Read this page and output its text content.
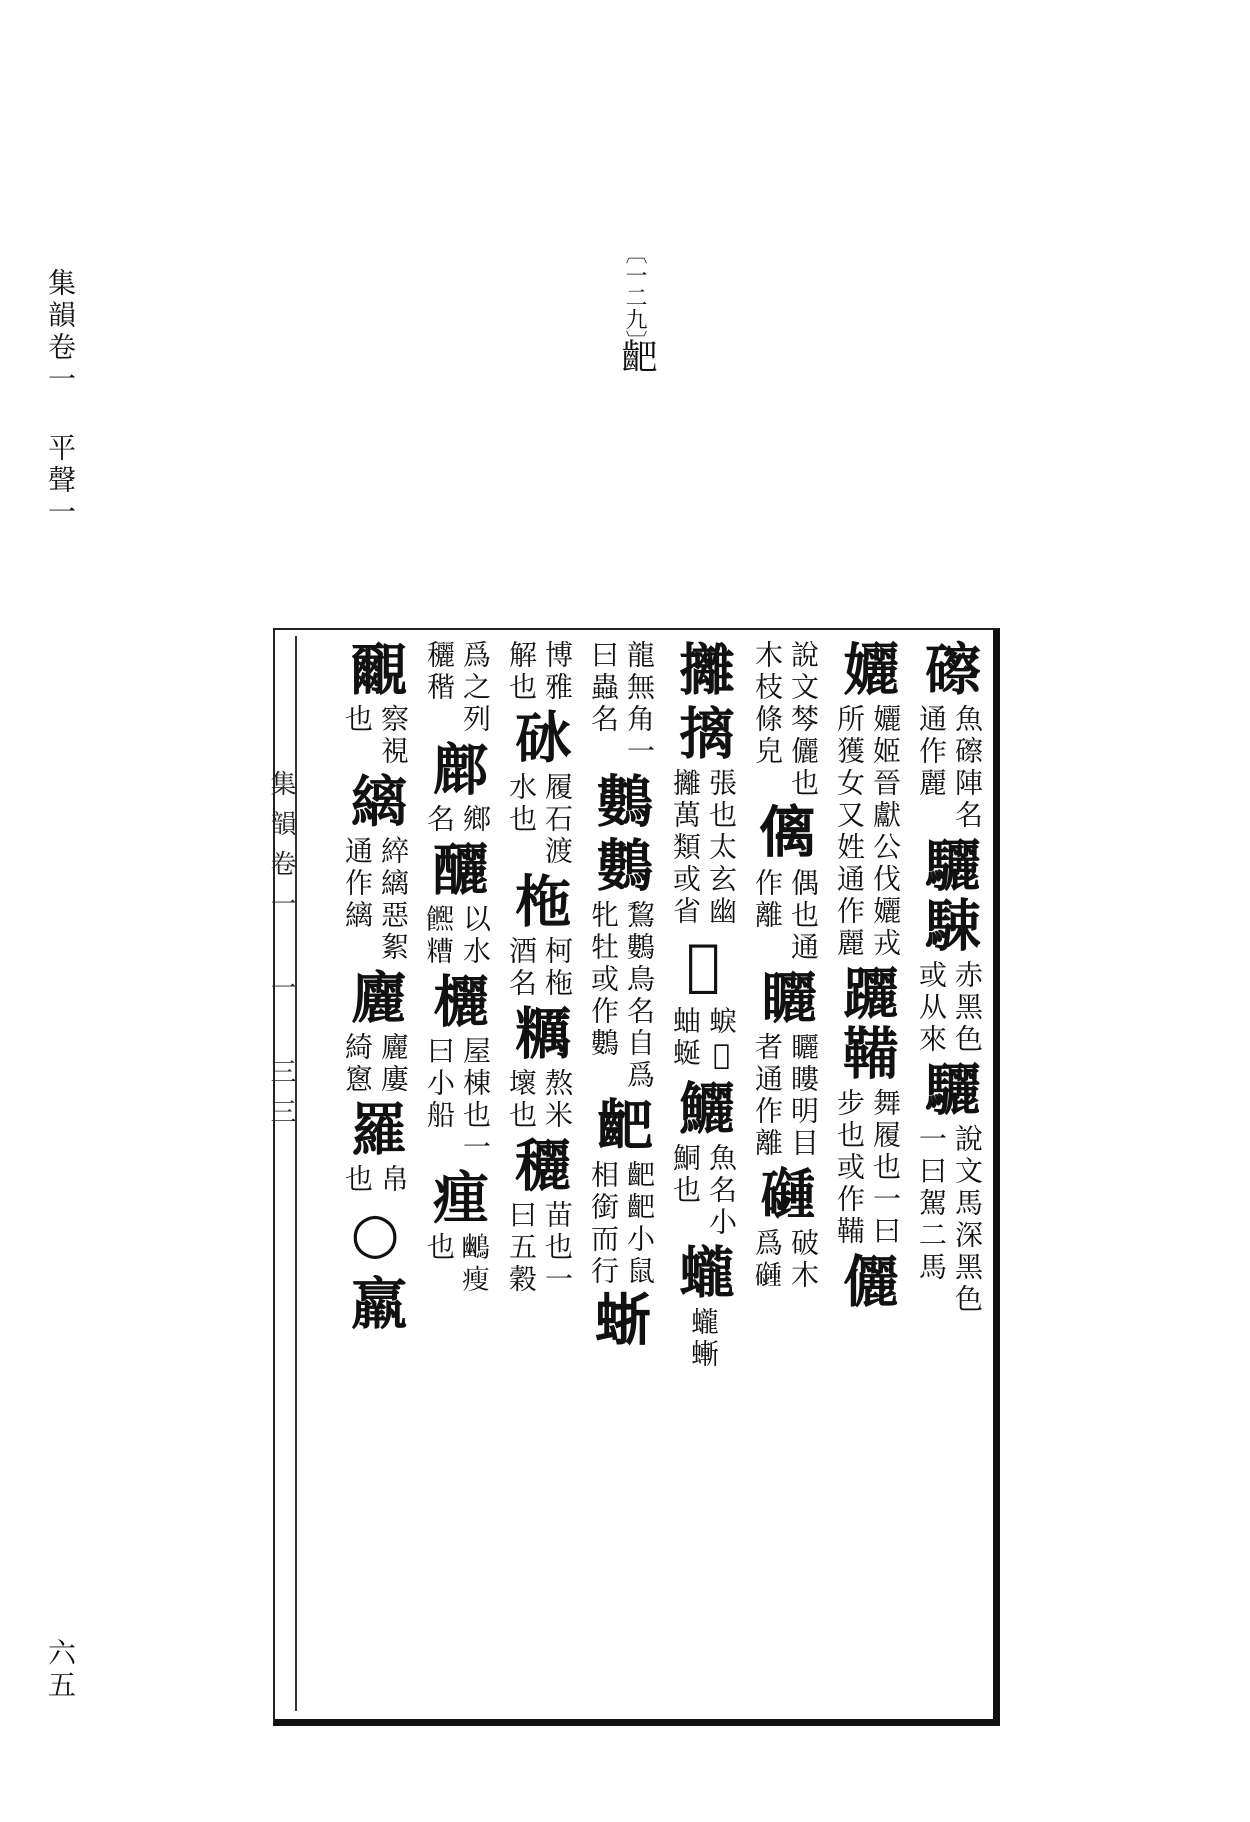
集韻卷一 平聲一
六五
〔一二九〕
䶕
集韻卷一 一 三三
䃰
魚䃰陣名
通作麗
驪駷
赤黑色
或从來
驪
說文馬深黑色
一曰駕二馬
孋
孋姬晉獻公伐孋戎
所獲女又姓通作麗
躧鞴
舞履也一曰
步也或作鞴
儷
說文棽儷也
木枝條皃
𠌯
偶也通
作離
矖
矖瞜明目
者通作離
𥗦
破木
爲𥗦
攡
摛
張也太玄幽
攡萬類或省
𧓯
蜧𧓯
蚰蜒
鱺
魚名小
鮦也
蠬
蠬螹
龍無角一
曰蟲名
鷜
鷜
鵹鷜鳥名自爲
牝牡或作鷜
䶕
䶕䶕小鼠
相銜而行
𧋍
博雅
解也
砅
履石渡
水也
柂
柯柂
酒名
糲
熬米
壞也
穲
苗也一
曰五穀
爲之列
穲稭
鄜
鄉
名
釃
以水
𩟄糟
欐
屋棟也一
曰小船
㾖
𪃨瘦
也
覼
察視
也
縭
綷縭惡絮
通作縭
廲
廲廔
綺窻
羅
帛
也
○
羸
